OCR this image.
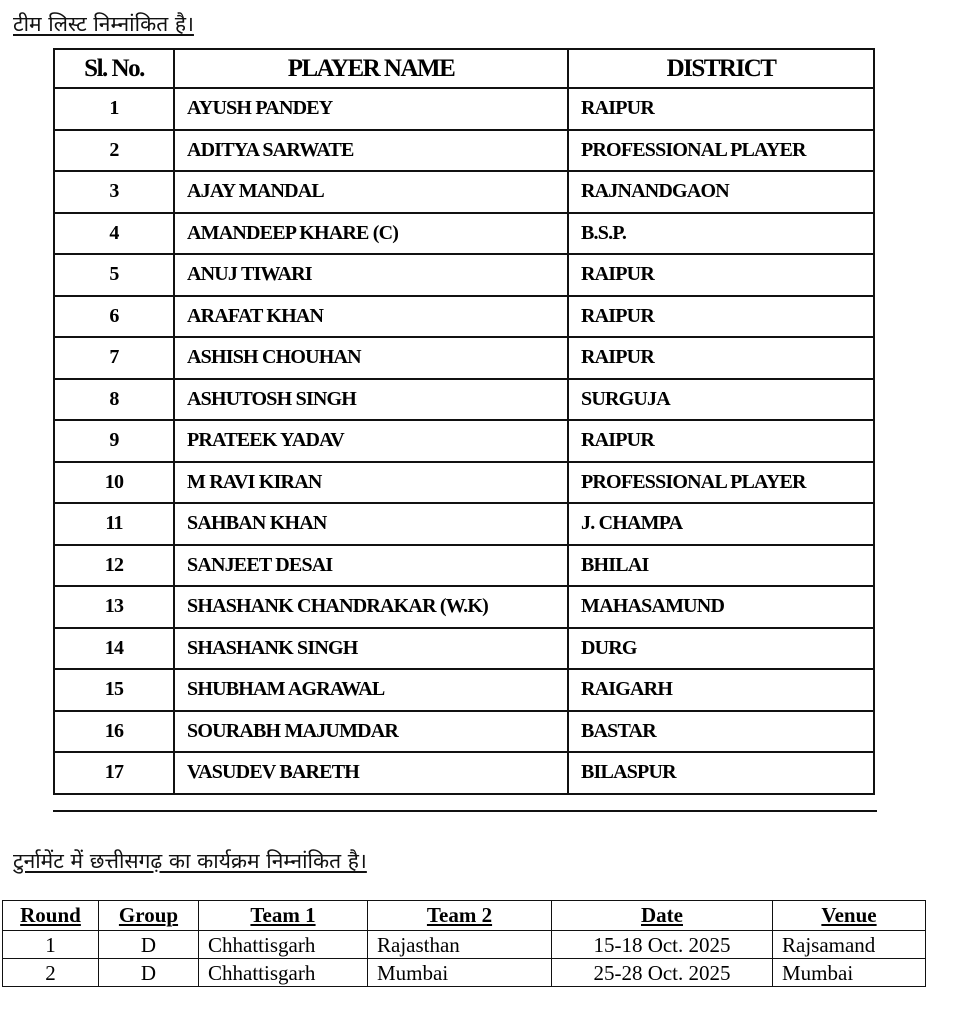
टीम लिस्ट निम्नांकित है।
Sl. No.	PLAYER NAME	DISTRICT
1	AYUSH PANDEY	RAIPUR
2	ADITYA SARWATE	PROFESSIONAL PLAYER
3	AJAY MANDAL	RAJNANDGAON
4	AMANDEEP KHARE (C)	B.S.P.
5	ANUJ TIWARI	RAIPUR
6	ARAFAT KHAN	RAIPUR
7	ASHISH CHOUHAN	RAIPUR
8	ASHUTOSH SINGH	SURGUJA
9	PRATEEK YADAV	RAIPUR
10	M RAVI KIRAN	PROFESSIONAL PLAYER
11	SAHBAN KHAN	J. CHAMPA
12	SANJEET DESAI	BHILAI
13	SHASHANK CHANDRAKAR (W.K)	MAHASAMUND
14	SHASHANK SINGH	DURG
15	SHUBHAM AGRAWAL	RAIGARH
16	SOURABH MAJUMDAR	BASTAR
17	VASUDEV BARETH	BILASPUR
टुर्नामेंट में छत्तीसगढ़ का कार्यक्रम निम्नांकित है।
Round	Group	Team 1	Team 2	Date	Venue
1	D	Chhattisgarh	Rajasthan	15-18 Oct. 2025	Rajsamand
2	D	Chhattisgarh	Mumbai	25-28 Oct. 2025	Mumbai
